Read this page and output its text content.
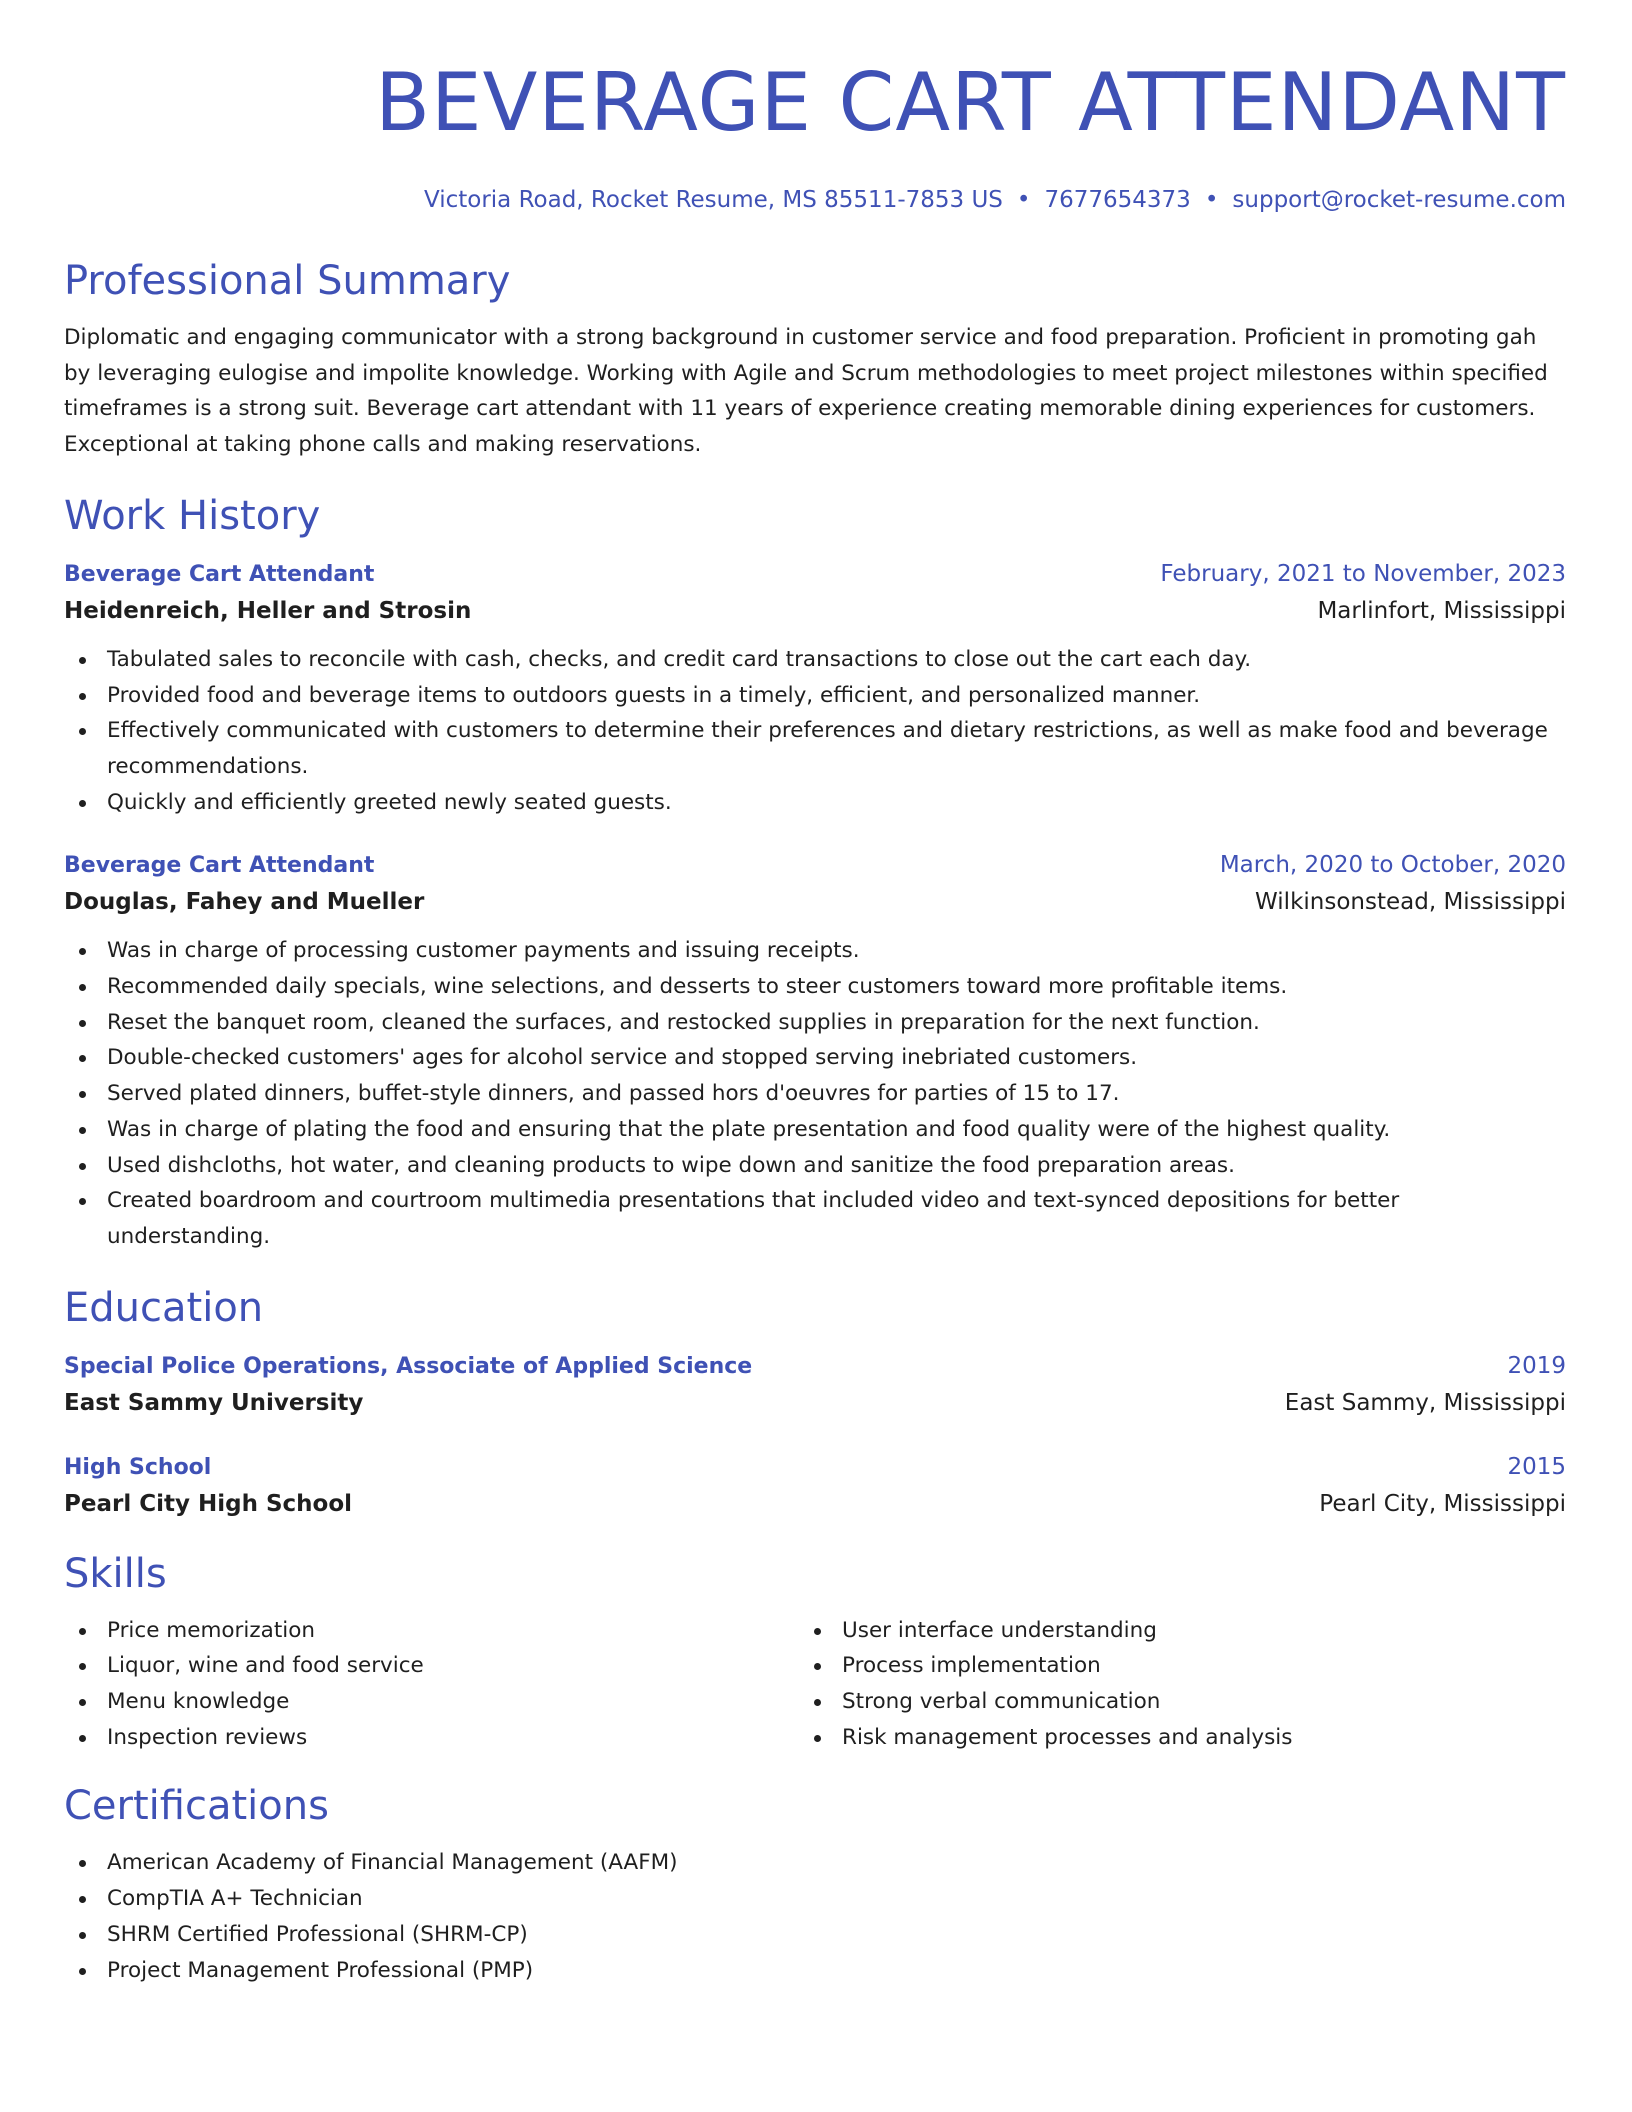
BEVERAGE CART ATTENDANT
Victoria Road, Rocket Resume, MS 85511-7853 US • 7677654373 • support@rocket-resume.com
Professional Summary

Diplomatic and engaging communicator with a strong background in customer service and food preparation. Proficient in promoting gah by leveraging eulogise and impolite knowledge. Working with Agile and Scrum methodologies to meet project milestones within specified timeframes is a strong suit. Beverage cart attendant with 11 years of experience creating memorable dining experiences for customers. Exceptional at taking phone calls and making reservations.

Work History
Beverage Cart Attendant	February, 2021 to November, 2023
Heidenreich, Heller and Strosin	Marlinfort, Mississippi
Tabulated sales to reconcile with cash, checks, and credit card transactions to close out the cart each day.
Provided food and beverage items to outdoors guests in a timely, efficient, and personalized manner.
Effectively communicated with customers to determine their preferences and dietary restrictions, as well as make food and beverage recommendations.
Quickly and efficiently greeted newly seated guests.
Beverage Cart Attendant	March, 2020 to October, 2020
Douglas, Fahey and Mueller	Wilkinsonstead, Mississippi
Was in charge of processing customer payments and issuing receipts.
Recommended daily specials, wine selections, and desserts to steer customers toward more profitable items.
Reset the banquet room, cleaned the surfaces, and restocked supplies in preparation for the next function.
Double-checked customers' ages for alcohol service and stopped serving inebriated customers.
Served plated dinners, buffet-style dinners, and passed hors d'oeuvres for parties of 15 to 17.
Was in charge of plating the food and ensuring that the plate presentation and food quality were of the highest quality.
Used dishcloths, hot water, and cleaning products to wipe down and sanitize the food preparation areas.
Created boardroom and courtroom multimedia presentations that included video and text-synced depositions for better understanding.
Education
Special Police Operations, Associate of Applied Science	2019
East Sammy University	East Sammy, Mississippi
High School	2015
Pearl City High School	Pearl City, Mississippi
Skills
Price memorization
Liquor, wine and food service
Menu knowledge
Inspection reviews
User interface understanding
Process implementation
Strong verbal communication
Risk management processes and analysis
Certifications
American Academy of Financial Management (AAFM)
CompTIA A+ Technician
SHRM Certified Professional (SHRM-CP)
Project Management Professional (PMP)
